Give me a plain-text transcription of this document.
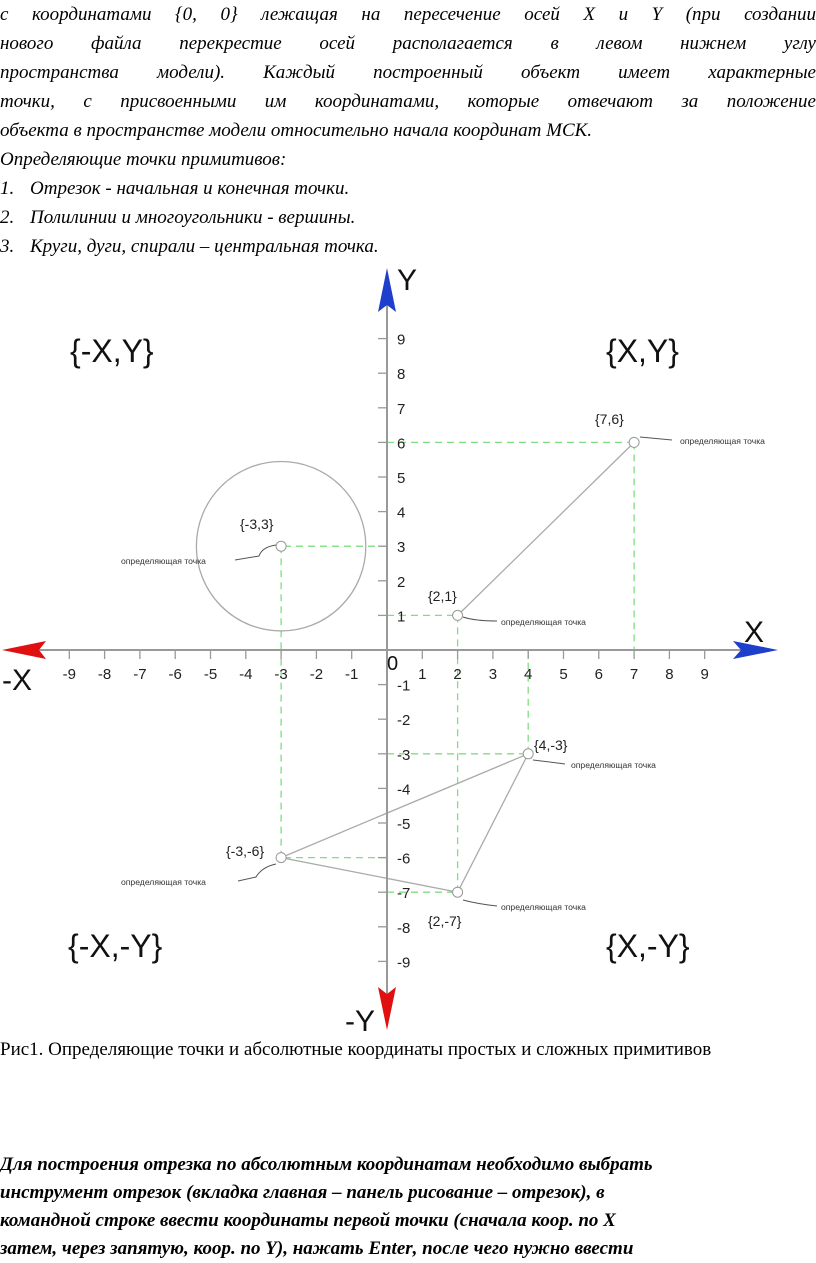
с координатами {0, 0} лежащая на пересечение осей X и Y (при создании

нового файла перекрестие осей располагается в левом нижнем углу

пространства модели). Каждый построенный объект имеет характерные

точки, с присвоенными им координатами, которые отвечают за положение

объекта в пространстве модели относительно начала координат МСК.

Определяющие точки примитивов:

1. Отрезок - начальная и конечная точки.
2. Полилинии и многоугольники - вершины.
3. Круги, дуги, спирали – центральная точка.
-9 -8 -7 -6 -5 -4 -3 -2 -1	1 2 3 4 5 6 7 8 9
9
8
7
6
5
4
3
2
1
-1
-2
-3
-4
-5
-6
-7
-8
-9
X
-X
Y
-Y
0
{-X,Y}	{X,Y}
{-X,-Y}	{X,-Y}
{7,6}
{2,1}
{-3,3}
{4,-3}
{-3,-6}
{2,-7}
определяющая точка
определяющая точка
определяющая точка
определяющая точка
определяющая точка
определяющая точка
Рис1. Определяющие точки и абсолютные координаты простых и сложных примитивов

Для построения отрезка по абсолютным координатам необходимо выбрать

инструмент отрезок (вкладка главная – панель рисование – отрезок), в

командной строке ввести координаты первой точки (сначала коор. по X

затем, через запятую, коор. по Y), нажать Enter, после чего нужно ввести
